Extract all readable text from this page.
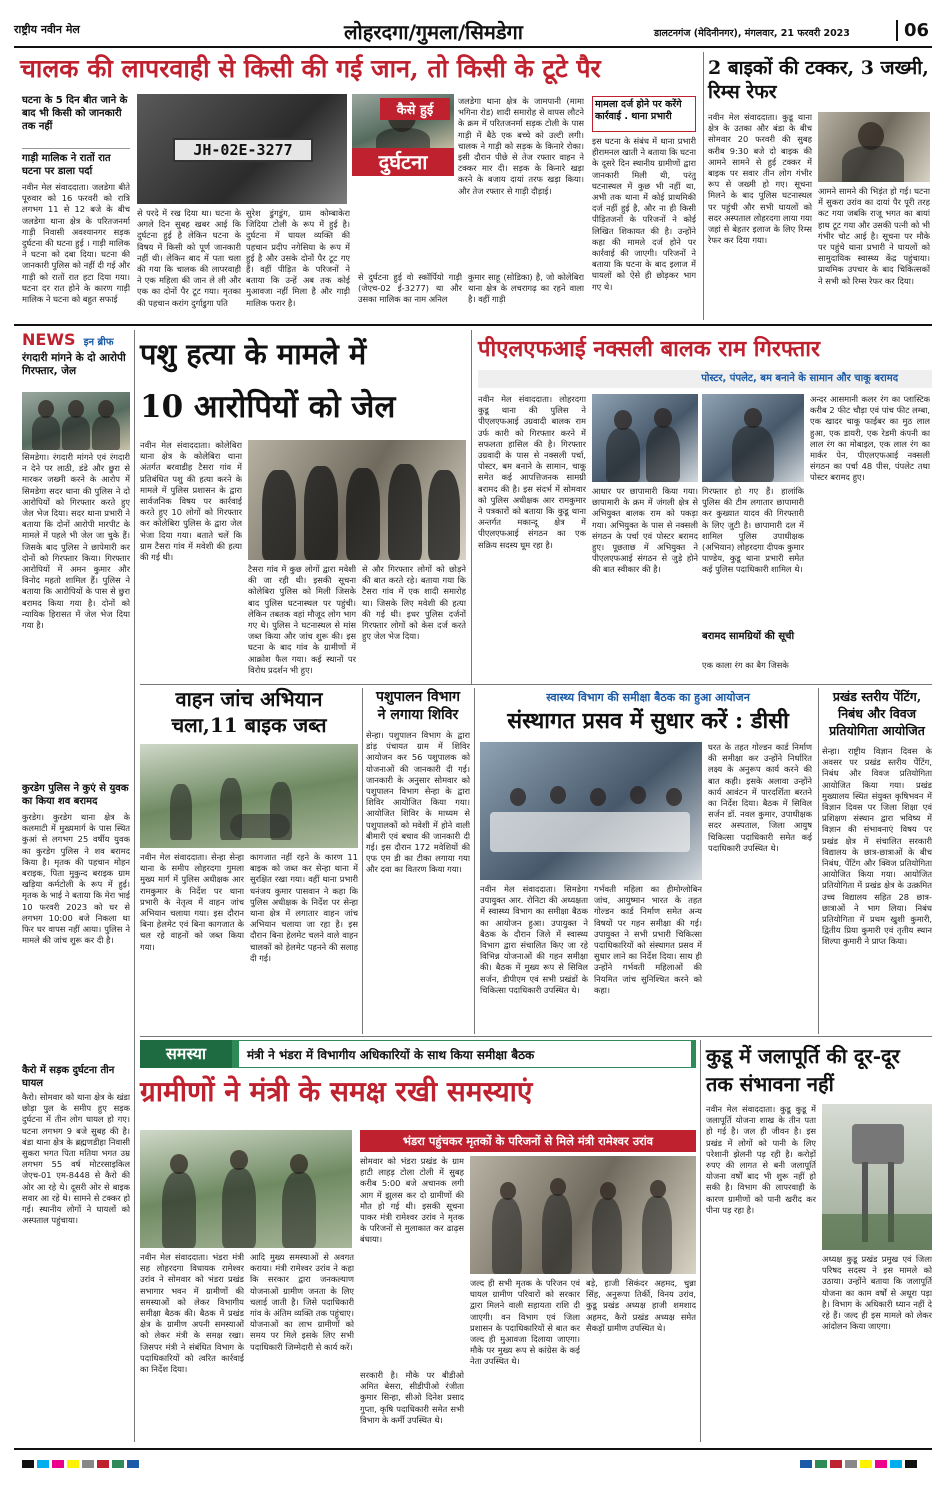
राष्ट्रीय नवीन मेल	लोहरदगा/गुमला/सिमडेगा	डालटनगंज (मेदिनीनगर), मंगलवार, 21 फरवरी 2023	06
चालक की लापरवाही से किसी की गई जान, तो किसी के टूटे पैर
घटना के 5 दिन बीत जाने के बाद भी किसी को जानकारी तक नहीं
गाड़ी मालिक ने रातों रात घटना पर डाला पर्दा
नवीन मेल संवाददाता। जलडेगा बीते पूरुवार को 16 फरवरी को रात्रि लगभग 11 से 12 बजे के बीच जलडेगा थाना क्षेत्र के परितजनर्मा गाड़ी निवासी अवश्यानगर सड़क दुर्घटना की घटना हुई । गाड़ी मालिक ने घटना को दबा दिया। घटना की जानकारी पुलिस को नहीं दी गई और गाड़ी को रातों रात हटा दिया गया। घटना दर रात होने के कारण गाड़ी मालिक ने घटना को बहुत सफाई
JH-02E-3277
कैसे हुई
दुर्घटना
से परदे में रख दिया था। घटना के अगले दिन सुबह खबर आई कि दुर्घटना हुई है लेकिन घटना के विषय में किसी को पूर्ण जानकारी नहीं थी। लेकिन बाद में पता चला की गया कि चालक की लापरवाही ने एक महिला की जान ले ली और एक का दोनों पैर टूट गया। मृतका की पहचान करांग दुर्गाडुगा पति
सुरेश डुंगडुंग, ग्राम कोम्बाकेरा जिदिया टोली के रूप में हुई है। दुर्घटना में घायल व्यक्ति की पहचान प्रदीप नगेसिया के रूप में हुई है और उसके दोनों पैर टूट गए हैं। वहीं पीड़ित के परिजनों ने बताया कि उन्हें अब तक कोई मुआवजा नहीं मिला है और गाड़ी मालिक फरार है।
जलडेगा थाना क्षेत्र के जामपानी (मामा भगिना रोड) शादी समारोह से वापस लौटने के क्रम में परितजनर्मा सड़क टोली के पास गाड़ी में बैठे एक बच्चे को उल्टी लगी। चालक ने गाड़ी को सड़क के किनारे रोका। इसी दौरान पीछे से तेज रफ्तार वाहन ने टक्कर मार दी। सड़क के किनारे खड़ा करने के बजाय दायां तरफ खड़ा किया। और तेज रफ्तार से गाड़ी दौड़ाई।
से दुर्घटना हुई वो स्कॉर्पियो गाड़ी (जेएच-02 ई-3277) था और उसका मालिक का नाम अनिल
कुमार साहू (सोडिका) है, जो कोलेबिरा थाना क्षेत्र के लचरागढ़ का रहने वाला है। वहीं गाड़ी
मामला दर्ज होने पर करेंगे कार्रवाई . थाना प्रभारी
इस घटना के संबंध में थाना प्रभारी हीरामनल खाती ने बताया कि घटना के दूसरे दिन स्थानीय ग्रामीणों द्वारा जानकारी मिली थी, परंतु घटनास्थल में कुछ भी नहीं था, अभी तक थाना में कोई प्राथमिकी दर्ज नहीं हुई है, और ना ही किसी पीड़ितजनों के परिजनों ने कोई लिखित शिकायत की है। उन्होंने कहा की मामले दर्ज होने पर कार्रवाई की जाएगी। परिजनों ने बताया कि घटना के बाद इलाज में घायलों को ऐसे ही छोड़कर भाग गए थे।
2 बाइकों की टक्कर, 3 जख्मी, रिम्स रेफर
नवीन मेल संवाददाता। कुडू थाना क्षेत्र के उतका और बंडा के बीच सोमवार 20 फरवरी की सुबह करीब 9:30 बजे दो बाइक की आमने सामने से हुई टक्कर में बाइक पर सवार तीन लोग गंभीर रूप से जख्मी हो गए। सूचना मिलने के बाद पुलिस घटनास्थल पर पहुंची और सभी घायलों को सदर अस्पताल लोहरदगा लाया गया जहां से बेहतर इलाज के लिए रिम्स रेफर कर दिया गया।
आमने सामने की भिड़ंत हो गई। घटना में सुकरा उरांव का दायां पैर पूरी तरह कट गया जबकि राजू भगत का बायां हाथ टूट गया और उसकी पत्नी को भी गंभीर चोट आई है। सूचना पर मौके पर पहुंचे थाना प्रभारी ने घायलों को सामुदायिक स्वास्थ्य केंद्र पहुंचाया। प्राथमिक उपचार के बाद चिकित्सकों ने सभी को रिम्स रेफर कर दिया।
NEWS इन ब्रीफ
रंगदारी मांगने के दो आरोपी गिरफ्तार, जेल
सिमडेगा। रंगदारी मांगने एवं रंगदारी न देने पर लाठी, डंडे और छुरा से मारकर जख्मी करने के आरोप में सिमडेगा सदर थाना की पुलिस ने दो आरोपियों को गिरफ्तार करते हुए जेल भेज दिया। सदर थाना प्रभारी ने बताया कि दोनों आरोपी मारपीट के मामले में पहले भी जेल जा चुके हैं। जिसके बाद पुलिस ने छापेमारी कर दोनों को गिरफ्तार किया। गिरफ्तार आरोपियों में अमन कुमार और विनोद महतो शामिल हैं। पुलिस ने बताया कि आरोपियों के पास से छुरा बरामद किया गया है। दोनों को न्यायिक हिरासत में जेल भेज दिया गया है।
कुरडेग पुलिस ने कुएं से युवक का किया शव बरामद
कुरडेग। कुरडेग थाना क्षेत्र के कलमाटी में मुख्यमार्ग के पास स्थित कुआं से लगभग 25 वर्षीय युवक का कुरडेग पुलिस ने शव बरामद किया है। मृतक की पहचान मोहन बराइक, पिता मुकुन्द बराइक ग्राम खड़िया कर्मटोली के रूप में हुई। मृतक के भाई ने बताया कि मेरा भाई 10 फरवरी 2023 को घर से लगभग 10:00 बजे निकला था फिर घर वापस नहीं आया। पुलिस ने मामले की जांच शुरू कर दी है।
कैरो में सड़क दुर्घटना तीन घायल
कैरो। सोमवार को थाना क्षेत्र के खंडा छोड़ा पुल के समीप हुए सड़क दुर्घटना में तीन लोग घायल हो गए। घटना लगभग 9 बजे सुबह की है। बंडा थाना क्षेत्र के ब्रह्मणडीहा निवासी सुकरा भगत पिता मतिया भगत उम्र लगभग 55 वर्ष मोटरसाइकिल जेएच-01 एम-8448 से कैरो की ओर आ रहे थे। दूसरी ओर से बाइक सवार आ रहे थे। सामने से टक्कर हो गई। स्थानीय लोगों ने घायलों को अस्पताल पहुंचाया।
पशु हत्या के मामले में
10 आरोपियों को जेल
नवीन मेल संवाददाता। कोलेबिरा थाना क्षेत्र के कोलेबिरा थाना अंतर्गत बरवाडीह टैसरा गांव में प्रतिबंधित पशु की हत्या करने के मामले में पुलिस प्रशासन के द्वारा सार्वजनिक विषय पर कार्रवाई करते हुए 10 लोगों को गिरफ्तार कर कोलेबिरा पुलिस के द्वारा जेल भेजा दिया गया। बताते चलें कि ग्राम टैसरा गांव में मवेशी की हत्या की गई थी।
टैसरा गांव में कुछ लोगों द्वारा मवेशी की जा रही थी। इसकी सूचना कोलेबिरा पुलिस को मिली जिसके बाद पुलिस घटनास्थल पर पहुंची। लेकिन तबतक वहां मौजूद लोग भाग गए थे। पुलिस ने घटनास्थल से मांस जब्त किया और जांच शुरू की। इस घटना के बाद गांव के ग्रामीणों में आक्रोश फैल गया। कई स्थानों पर विरोध प्रदर्शन भी हुए।
से और गिरफ्तार लोगों को छोड़ने की बात करते रहे। बताया गया कि टैसरा गांव में एक शादी समारोह था। जिसके लिए मवेशी की हत्या की गई थी। इधर पुलिस दर्जनों गिरफ्तार लोगों को केस दर्ज करते हुए जेल भेज दिया।
पीएलएफआई नक्सली बालक राम गिरफ्तार
पोस्टर, पंपलेट, बम बनाने के सामान और चाकू बरामद
नवीन मेल संवाददाता। लोहरदगा कुडू थाना की पुलिस ने पीएलएफआई उग्रवादी बालक राम उर्फ कारी को गिरफ्तार करने में सफलता हासिल की है। गिरफ्तार उग्रवादी के पास से नक्सली पर्चा, पोस्टर, बम बनाने के सामान, चाकू समेत कई आपत्तिजनक सामग्री बरामद की है। इस संदर्भ में सोमवार को पुलिस अधीक्षक आर रामकुमार ने पत्रकारों को बताया कि कुडू थाना अन्तर्गत मकान्दू क्षेत्र में पीएलएफआई संगठन का एक सक्रिय सदस्य घूम रहा है।
आधार पर छापामारी किया गया। छापामारी के क्रम में जंगली क्षेत्र से अभियुक्त बालक राम को पकड़ा गया। अभियुक्त के पास से नक्सली संगठन के पर्चा एवं पोस्टर बरामद हुए। पूछताछ में अभियुक्त ने पीएलएफआई संगठन से जुड़े होने की बात स्वीकार की है।
गिरफ्तार हो गए हैं। हालांकि पुलिस की टीम लगातार छापामारी कर कुख्यात यादव की गिरफ्तारी के लिए जुटी है। छापामारी दल में शामिल पुलिस उपाधीक्षक (अभियान) लोहरदगा दीपक कुमार पाण्डेय, कुडू थाना प्रभारी समेत कई पुलिस पदाधिकारी शामिल थे।
बरामद सामग्रियों की सूची
एक काला रंग का बैग जिसके
अन्दर आसमानी कलर रंग का प्लास्टिक करीब 2 फीट चौड़ा एवं पांच फीट लम्बा, एक खादर चाकू फाईबर का मुठ लाल हुआ, एक डायरी, एक रेडमी कंपनी का लाल रंग का मोबाइल, एक लाल रंग का मार्कर पेन, पीएलएफआई नक्सली संगठन का पर्चा 48 पीस, पंपलेट तथा पोस्टर बरामद हुए।
वाहन जांच अभियान
चला,11 बाइक जब्त
नवीन मेल संवाददाता। सेन्हा सेन्हा थाना के समीप लोहरदगा गुमला मुख्य मार्ग में पुलिस अधीक्षक आर रामकुमार के निर्देश पर थाना प्रभारी के नेतृत्व में वाहन जांच अभियान चलाया गया। इस दौरान बिना हेलमेट एवं बिना कागजात के चल रहे वाहनों को जब्त किया गया।
कागजात नहीं रहने के कारण 11 बाइक को जब्त कर सेन्हा थाना में सुरक्षित रखा गया। वहीं थाना प्रभारी धनंजय कुमार पासवान ने कहा कि पुलिस अधीक्षक के निर्देश पर सेन्हा थाना क्षेत्र में लगातार वाहन जांच अभियान चलाया जा रहा है। इस दौरान बिना हेलमेट चलने वाले वाहन चालकों को हेलमेट पहनने की सलाह दी गई।
पशुपालन विभाग
ने लगाया शिविर
सेन्हा। पशुपालन विभाग के द्वारा डांड़ पंचायत ग्राम में शिविर आयोजन कर 56 पशुपालक को योजनाओं की जानकारी दी गई। जानकारी के अनुसार सोमवार को पशुपालन विभाग सेन्हा के द्वारा शिविर आयोजित किया गया। आयोजित शिविर के माध्यम से पशुपालकों को मवेशी में होने वाली बीमारी एवं बचाव की जानकारी दी गई। इस दौरान 172 मवेशियों की एफ एम डी का टीका लगाया गया और दवा का वितरण किया गया।
स्वास्थ्य विभाग की समीक्षा बैठक का हुआ आयोजन
संस्थागत प्रसव में सुधार करें : डीसी
नवीन मेल संवाददाता। सिमडेगा उपायुक्त आर. रोनिटा की अध्यक्षता में स्वास्थ्य विभाग का समीक्षा बैठक का आयोजन हुआ। उपायुक्त ने बैठक के दौरान जिले में स्वास्थ्य विभाग द्वारा संचालित किए जा रहे विभिन्न योजनाओं की गहन समीक्षा की। बैठक में मुख्य रूप से सिविल सर्जन, डीपीएम एवं सभी प्रखंडों के चिकित्सा पदाधिकारी उपस्थित थे।
गर्भवती महिला का हीमोग्लोबिन जांच, आयुष्मान भारत के तहत गोल्डन कार्ड निर्माण समेत अन्य विषयों पर गहन समीक्षा की गई। उपायुक्त ने सभी प्रभारी चिकित्सा पदाधिकारियों को संस्थागत प्रसव में सुधार लाने का निर्देश दिया। साथ ही उन्होंने गर्भवती महिलाओं की नियमित जांच सुनिश्चित करने को कहा।
घरत के तहत गोल्डन कार्ड निर्माण की समीक्षा कर उन्होंने निर्धारित लक्ष्य के अनुरूप कार्य करने की बात कही। इसके अलावा उन्होंने कार्य आवंटन में पारदर्शिता बरतने का निर्देश दिया। बैठक में सिविल सर्जन डॉ. नवल कुमार, उपाधीक्षक सदर अस्पताल, जिला आयुष चिकित्सा पदाधिकारी समेत कई पदाधिकारी उपस्थित थे।
प्रखंड स्तरीय पेंटिंग, निबंध और विवज प्रतियोगिता आयोजित
सेन्हा। राष्ट्रीय विज्ञान दिवस के अवसर पर प्रखंड स्तरीय पेंटिंग, निबंध और विवज प्रतियोगिता आयोजित किया गया। प्रखंड मुख्यालय स्थित संयुक्त कृषिभवन में विज्ञान दिवस पर जिला शिक्षा एवं प्रशिक्षण संस्थान द्वारा भविष्य में विज्ञान की संभावनाएं विषय पर प्रखंड क्षेत्र में संचालित सरकारी विद्यालय के छात्र-छात्राओं के बीच निबंध, पेंटिंग और क्विज प्रतियोगिता आयोजित किया गया। आयोजित प्रतियोगिता में प्रखंड क्षेत्र के उत्क्रमित उच्च विद्यालय सहित 28 छात्र-छात्राओं ने भाग लिया। निबंध प्रतियोगिता में प्रथम खुशी कुमारी, द्वितीय प्रिया कुमारी एवं तृतीय स्थान शिल्पा कुमारी ने प्राप्त किया।
समस्या	मंत्री ने भंडरा में विभागीय अधिकारियों के साथ किया समीक्षा बैठक
ग्रामीणों ने मंत्री के समक्ष रखी समस्याएं
नवीन मेल संवाददाता। भंडरा मंत्री सह लोहरदगा विधायक रामेश्वर उरांव ने सोमवार को भंडरा प्रखंड सभागार भवन में ग्रामीणों की समस्याओं को लेकर विभागीय समीक्षा बैठक की। बैठक में प्रखंड क्षेत्र के ग्रामीण अपनी समस्याओं को लेकर मंत्री के समक्ष रखा। जिसपर मंत्री ने संबंधित विभाग के पदाधिकारियों को त्वरित कार्रवाई का निर्देश दिया।
आदि मुख्य समस्याओं से अवगत कराया। मंत्री रामेश्वर उरांव ने कहा कि सरकार द्वारा जनकल्याण योजनाओं ग्रामीण जनता के लिए चलाई जाती है। जिसे पदाधिकारी गांव के अंतिम व्यक्ति तक पहुंचाए। योजनाओं का लाभ ग्रामीणों को समय पर मिले इसके लिए सभी पदाधिकारी जिम्मेदारी से कार्य करें।
सरकारी है। मौके पर बीडीओ अमित बेसरा, सीडीपीओ रंजीता कुमार सिन्हा, सीओ दिनेश प्रसाद गुप्ता, कृषि पदाधिकारी समेत सभी विभाग के कर्मी उपस्थित थे।
भंडरा पहुंचकर मृतकों के परिजनों से मिले मंत्री रामेश्वर उरांव
सोमवार को भंडरा प्रखंड के ग्राम हाटी लाहड़ टोला टोली में सुबह करीब 5:00 बजे अचानक लगी आग में झुलस कर दो ग्रामीणों की मौत हो गई थी। इसकी सूचना पाकर मंत्री रामेश्वर उरांव ने मृतक के परिजनों से मुलाकात कर ढाढ़स बंधाया।
जल्द ही सभी मृतक के परिजन एवं घायल ग्रामीण परिवारों को सरकार द्वारा मिलने वाली सहायता राशि दी जाएगी। वन विभाग एवं जिला प्रशासन के पदाधिकारियों से बात कर जल्द ही मुआवजा दिलाया जाएगा। मौके पर मुख्य रूप से कांग्रेस के कई नेता उपस्थित थे।
बड़े, हाजी सिकंदर अहमद, चुन्ना सिंह, अनुरूपा तिर्की, विनय उरांव, कुडू प्रखंड अध्यक्ष हाजी शमशाद अहमद, कैरो प्रखंड अध्यक्ष समेत सैकड़ों ग्रामीण उपस्थित थे।
कुडू में जलापूर्ति की दूर-दूर तक संभावना नहीं
नवीन मेल संवाददाता। कुडू कुडू में जलापूर्ति योजना शाख के तीन पता हो गई है। जल ही जीवन है। इस प्रखंड में लोगों को पानी के लिए परेशानी झेलनी पड़ रही है। करोड़ों रुपए की लागत से बनी जलापूर्ति योजना वर्षों बाद भी शुरू नहीं हो सकी है। विभाग की लापरवाही के कारण ग्रामीणों को पानी खरीद कर पीना पड़ रहा है।
अध्यक्ष कुडू प्रखंड प्रमुख एवं जिला परिषद सदस्य ने इस मामले को उठाया। उन्होंने बताया कि जलापूर्ति योजना का काम वर्षों से अधूरा पड़ा है। विभाग के अधिकारी ध्यान नहीं दे रहे हैं। जल्द ही इस मामले को लेकर आंदोलन किया जाएगा।
